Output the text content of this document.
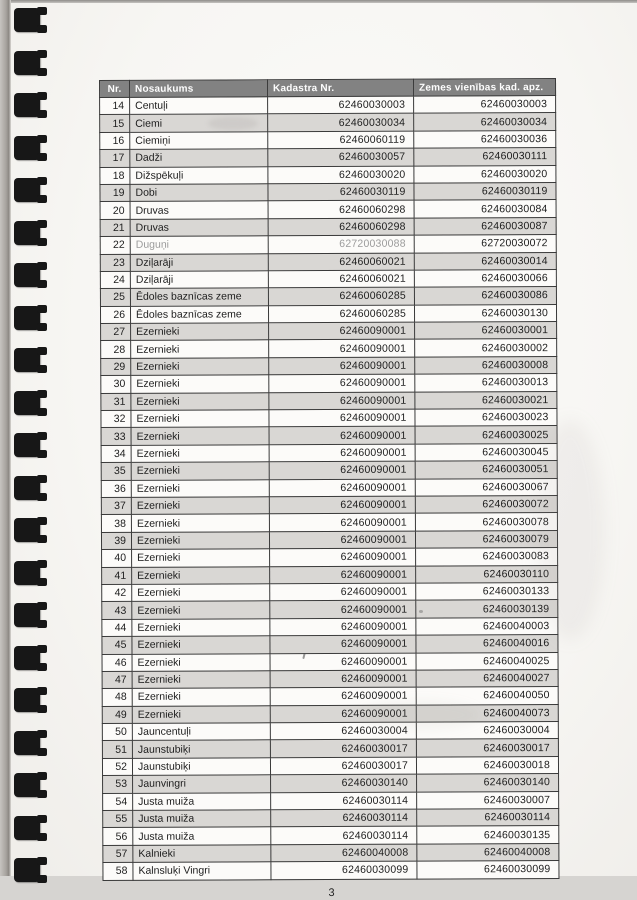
Nr.	Nosaukums	Kadastra Nr.	Zemes vienības kad. apz.
14	Centuļi	62460030003	62460030003
15	Ciemi	62460030034	62460030034
16	Ciemiņi	62460060119	62460030036
17	Dadži	62460030057	62460030111
18	Dižspēkuļi	62460030020	62460030020
19	Dobi	62460030119	62460030119
20	Druvas	62460060298	62460030084
21	Druvas	62460060298	62460030087
22	Duguņi	62720030088	62720030072
23	Dziļarāji	62460060021	62460030014
24	Dziļarāji	62460060021	62460030066
25	Ēdoles baznīcas zeme	62460060285	62460030086
26	Ēdoles baznīcas zeme	62460060285	62460030130
27	Ezernieki	62460090001	62460030001
28	Ezernieki	62460090001	62460030002
29	Ezernieki	62460090001	62460030008
30	Ezernieki	62460090001	62460030013
31	Ezernieki	62460090001	62460030021
32	Ezernieki	62460090001	62460030023
33	Ezernieki	62460090001	62460030025
34	Ezernieki	62460090001	62460030045
35	Ezernieki	62460090001	62460030051
36	Ezernieki	62460090001	62460030067
37	Ezernieki	62460090001	62460030072
38	Ezernieki	62460090001	62460030078
39	Ezernieki	62460090001	62460030079
40	Ezernieki	62460090001	62460030083
41	Ezernieki	62460090001	62460030110
42	Ezernieki	62460090001	62460030133
43	Ezernieki	62460090001	62460030139
44	Ezernieki	62460090001	62460040003
45	Ezernieki	62460090001	62460040016
46	Ezernieki	62460090001	62460040025
47	Ezernieki	62460090001	62460040027
48	Ezernieki	62460090001	62460040050
49	Ezernieki	62460090001	62460040073
50	Jauncentuļi	62460030004	62460030004
51	Jaunstubiķi	62460030017	62460030017
52	Jaunstubiķi	62460030017	62460030018
53	Jaunvingri	62460030140	62460030140
54	Justa muiža	62460030114	62460030007
55	Justa muiža	62460030114	62460030114
56	Justa muiža	62460030114	62460030135
57	Kalnieki	62460040008	62460040008
58	Kalnsluķi Vingri	62460030099	62460030099
3
